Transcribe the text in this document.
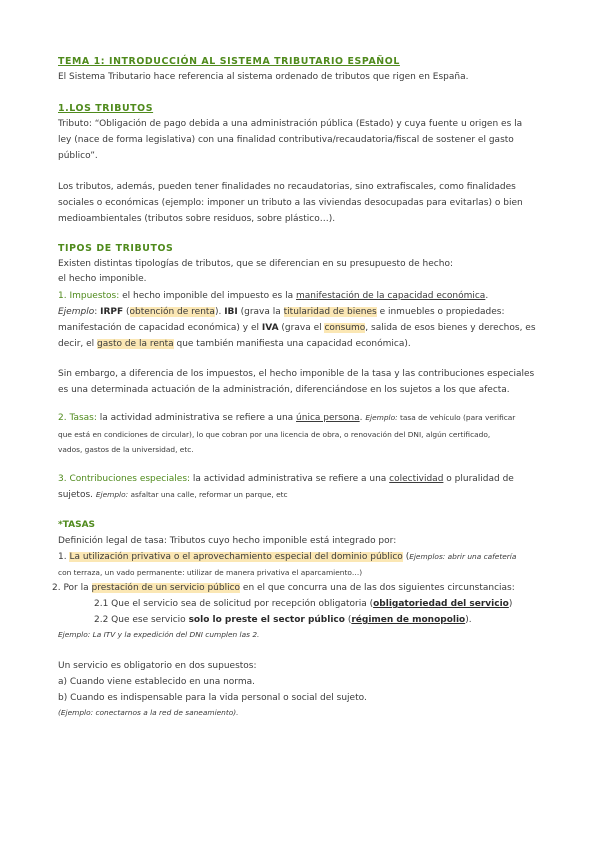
TEMA 1: INTRODUCCIÓN AL SISTEMA TRIBUTARIO ESPAÑOL
El Sistema Tributario hace referencia al sistema ordenado de tributos que rigen en España.
1.LOS TRIBUTOS
Tributo: “Obligación de pago debida a una administración pública (Estado) y cuya fuente u origen es la
ley (nace de forma legislativa) con una finalidad contributiva/recaudatoria/fiscal de sostener el gasto
público”.
Los tributos, además, pueden tener finalidades no recaudatorias, sino extrafiscales, como finalidades
sociales o económicas (ejemplo: imponer un tributo a las viviendas desocupadas para evitarlas) o bien
medioambientales (tributos sobre residuos, sobre plástico…).
TIPOS DE TRIBUTOS
Existen distintas tipologías de tributos, que se diferencian en su presupuesto de hecho:
el hecho imponible.
1. Impuestos: el hecho imponible del impuesto es la manifestación de la capacidad económica.
Ejemplo: IRPF (obtención de renta). IBI (grava la titularidad de bienes e inmuebles o propiedades:
manifestación de capacidad económica) y el IVA (grava el consumo, salida de esos bienes y derechos, es
decir, el gasto de la renta que también manifiesta una capacidad económica).
Sin embargo, a diferencia de los impuestos, el hecho imponible de la tasa y las contribuciones especiales
es una determinada actuación de la administración, diferenciándose en los sujetos a los que afecta.
2. Tasas: la actividad administrativa se refiere a una única persona. Ejemplo: tasa de vehículo (para verificar
que está en condiciones de circular), lo que cobran por una licencia de obra, o renovación del DNI, algún certificado,
vados, gastos de la universidad, etc.
3. Contribuciones especiales: la actividad administrativa se refiere a una colectividad o pluralidad de
sujetos. Ejemplo: asfaltar una calle, reformar un parque, etc
*TASAS
Definición legal de tasa: Tributos cuyo hecho imponible está integrado por:
1. La utilización privativa o el aprovechamiento especial del dominio público (Ejemplos: abrir una cafetería
con terraza, un vado permanente: utilizar de manera privativa el aparcamiento…)
2. Por la prestación de un servicio público en el que concurra una de las dos siguientes circunstancias:
2.1 Que el servicio sea de solicitud por recepción obligatoria (obligatoriedad del servicio)
2.2 Que ese servicio solo lo preste el sector público (régimen de monopolio).
Ejemplo: La ITV y la expedición del DNI cumplen las 2.
Un servicio es obligatorio en dos supuestos:
a) Cuando viene establecido en una norma.
b) Cuando es indispensable para la vida personal o social del sujeto.
(Ejemplo: conectarnos a la red de saneamiento).
